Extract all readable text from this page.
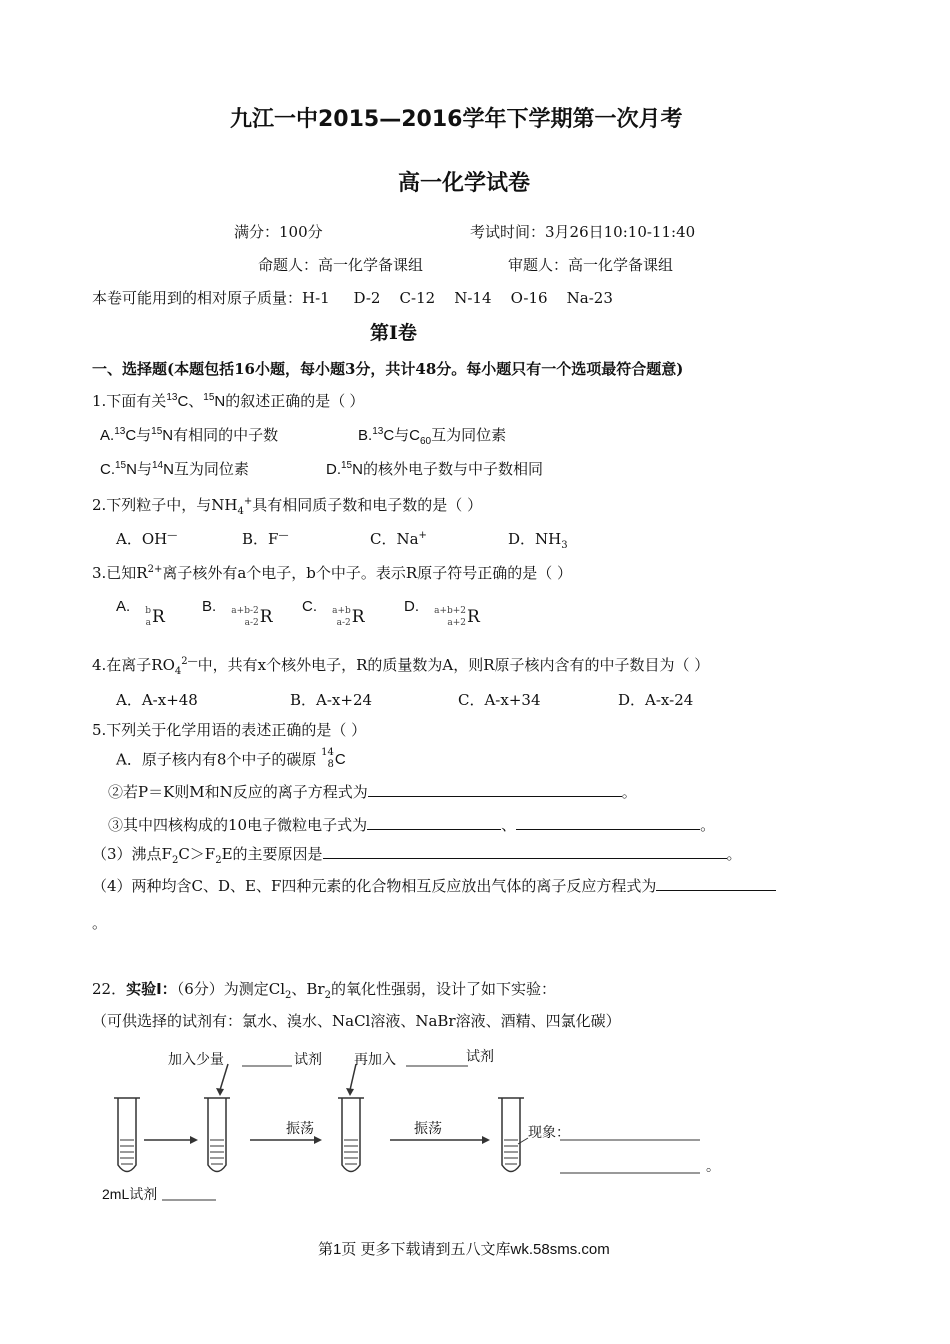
九江一中2015—2016学年下学期第一次月考
高一化学试卷
满分：100分	考试时间：3月26日10:10-11:40
命题人：高一化学备课组	审题人：高一化学备课组
本卷可能用到的相对原子质量：H-1     D-2    C-12    N-14    O-16    Na-23
第Ⅰ卷
一、选择题(本题包括16小题，每小题3分，共计48分。每小题只有一个选项最符合题意)
1.下面有关$^{13}$C、$^{15}$N的叙述正确的是（ ）
A.$^{13}$C与$^{15}$N有相同的中子数	B.$^{13}$C与$C_{60}$互为同位素
C.$^{15}$N与$^{14}$N互为同位素	D.$^{15}$N的核外电子数与中子数相同
2.下列粒子中，与$NH_4^+$具有相同质子数和电子数的是（ ）
A．OH—	B．F—	C．Na+	D．$NH_3$
3.已知$R^{2+}$离子核外有a个电子，b个中子。表示R原子符号正确的是（ ）
A. b
a R
B. a+b-2
a-2 R
C. a+b
a-2 R
D. a+b+2
a+2 R
4.在离子$RO_4^{2—}$中，共有x个核外电子，R的质量数为A，则R原子核内含有的中子数目为（ ）
A．A-x+48	B．A-x+24	C．A-x+34	D．A-x-24
5.下列关于化学用语的表述正确的是（ ）
A．原子核内有8个中子的碳原 14
8 C
②若P＝K则M和N反应的离子方程式为	。
③其中四核构成的10电子微粒电子式为	、	。
（3）沸点$F_2C>F_2E$的主要原因是	。
（4）两种均含C、D、E、F四种元素的化合物相互反应放出气体的离子反应方程式为
。
22．实验Ⅰ：（6分）为测定$Cl_2$、$Br_2$的氧化性强弱，设计了如下实验：
（可供选择的试剂有：氯水、溴水、NaCl溶液、NaBr溶液、酒精、四氯化碳）
加入少量	试剂 再加入	试剂
振荡	振荡	现象：
。
2mL试剂
第1页 更多下载请到五八文库wk.58sms.com
